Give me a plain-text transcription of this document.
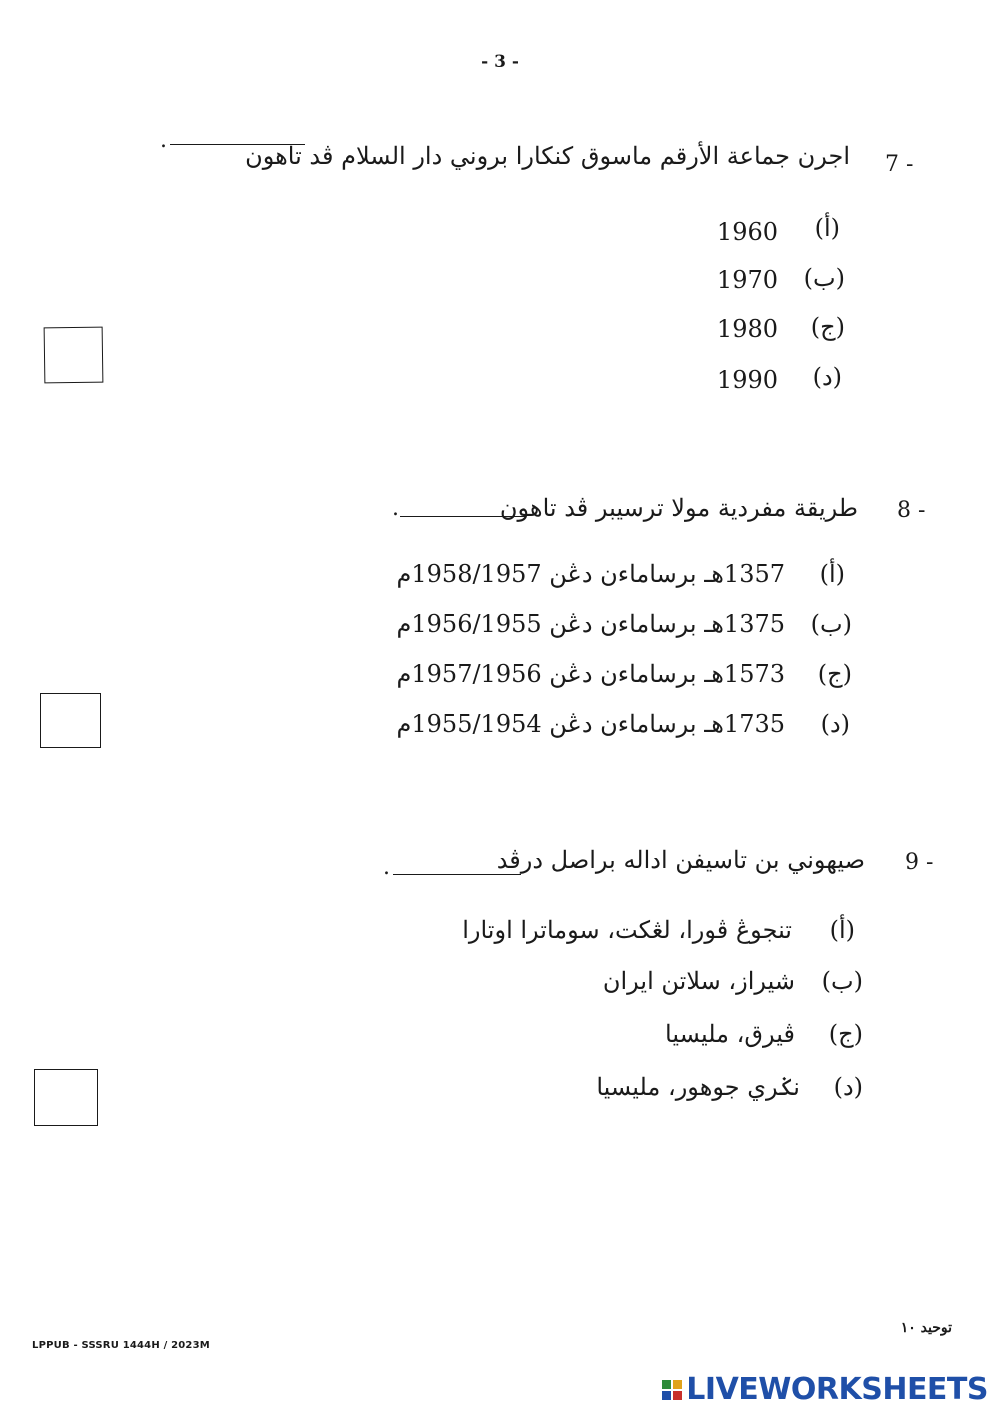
- 3 -
7 -
اجرن جماعة الأرقم ماسوق كنكارا بروني دار السلام ڤد تاهون
.
(أ)
1960
(ب)
1970
(ج)
1980
(د)
1990
8 -
طريقة مفردية مولا ترسيبر ڤد تاهون
.
(أ)
1357هـ برساماءن دڠن 1958/1957م
(ب)
1375هـ برساماءن دڠن 1956/1955م
(ج)
1573هـ برساماءن دڠن 1957/1956م
(د)
1735هـ برساماءن دڠن 1955/1954م
9 -
صيهوني بن تاسيفن اداله براصل درڤد
.
(أ)
تنجوڠ ڤورا، لڠكت، سوماترا اوتارا
(ب)
شيراز، سلاتن ايران
(ج)
ڤيرق، مليسيا
(د)
نݢري جوهور، مليسيا
توحيد ١٠
LPPUB - SSSRU 1444H / 2023M
LIVEWORKSHEETS
